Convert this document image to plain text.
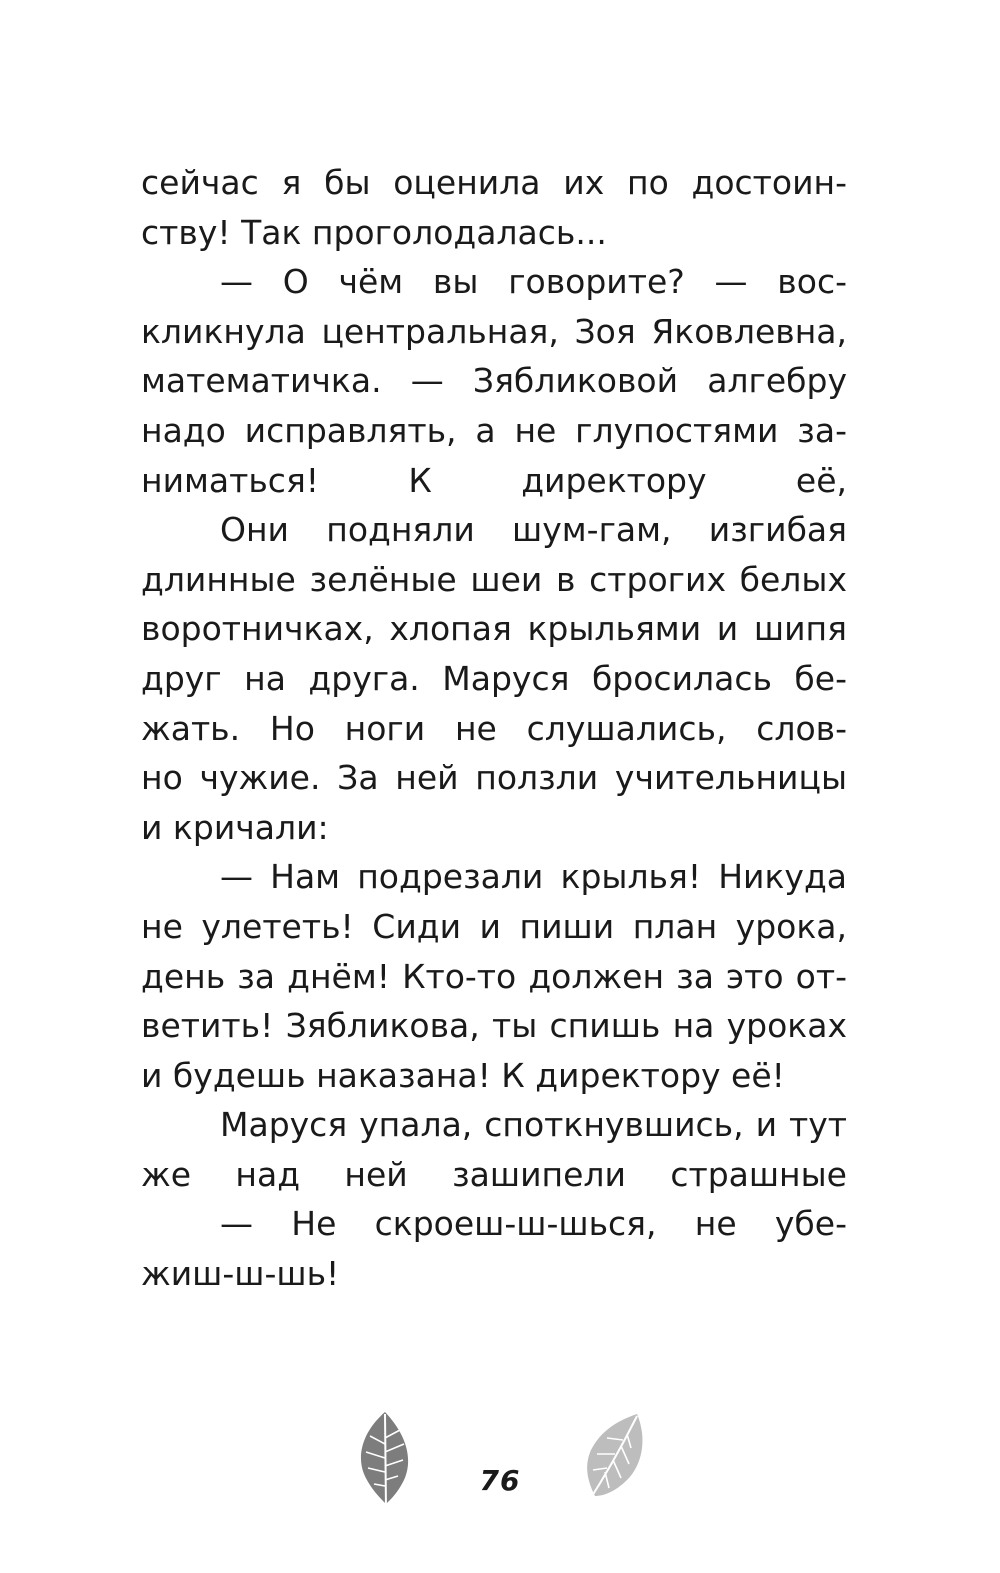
сейчас я бы оценила их по достоин-
ству! Так проголодалась...
— О чём вы говорите? — вос-
кликнула центральная, Зоя Яковлевна,
математичка. — Зябликовой алгебру
надо исправлять, а не глупостями за-
ниматься! К директору её,
Они подняли шум-гам, изгибая
длинные зелёные шеи в строгих белых
воротничках, хлопая крыльями и шипя
друг на друга. Маруся бросилась бе-
жать. Но ноги не слушались, слов-
но чужие. За ней ползли учительницы
и кричали:
— Нам подрезали крылья! Никуда
не улететь! Сиди и пиши план урока,
день за днём! Кто-то должен за это от-
ветить! Зябликова, ты спишь на уроках
и будешь наказана! К директору её!
Маруся упала, споткнувшись, и тут
же над ней зашипели страшные
— Не скроеш-ш-шься, не убе-
жиш-ш-шь!
76
